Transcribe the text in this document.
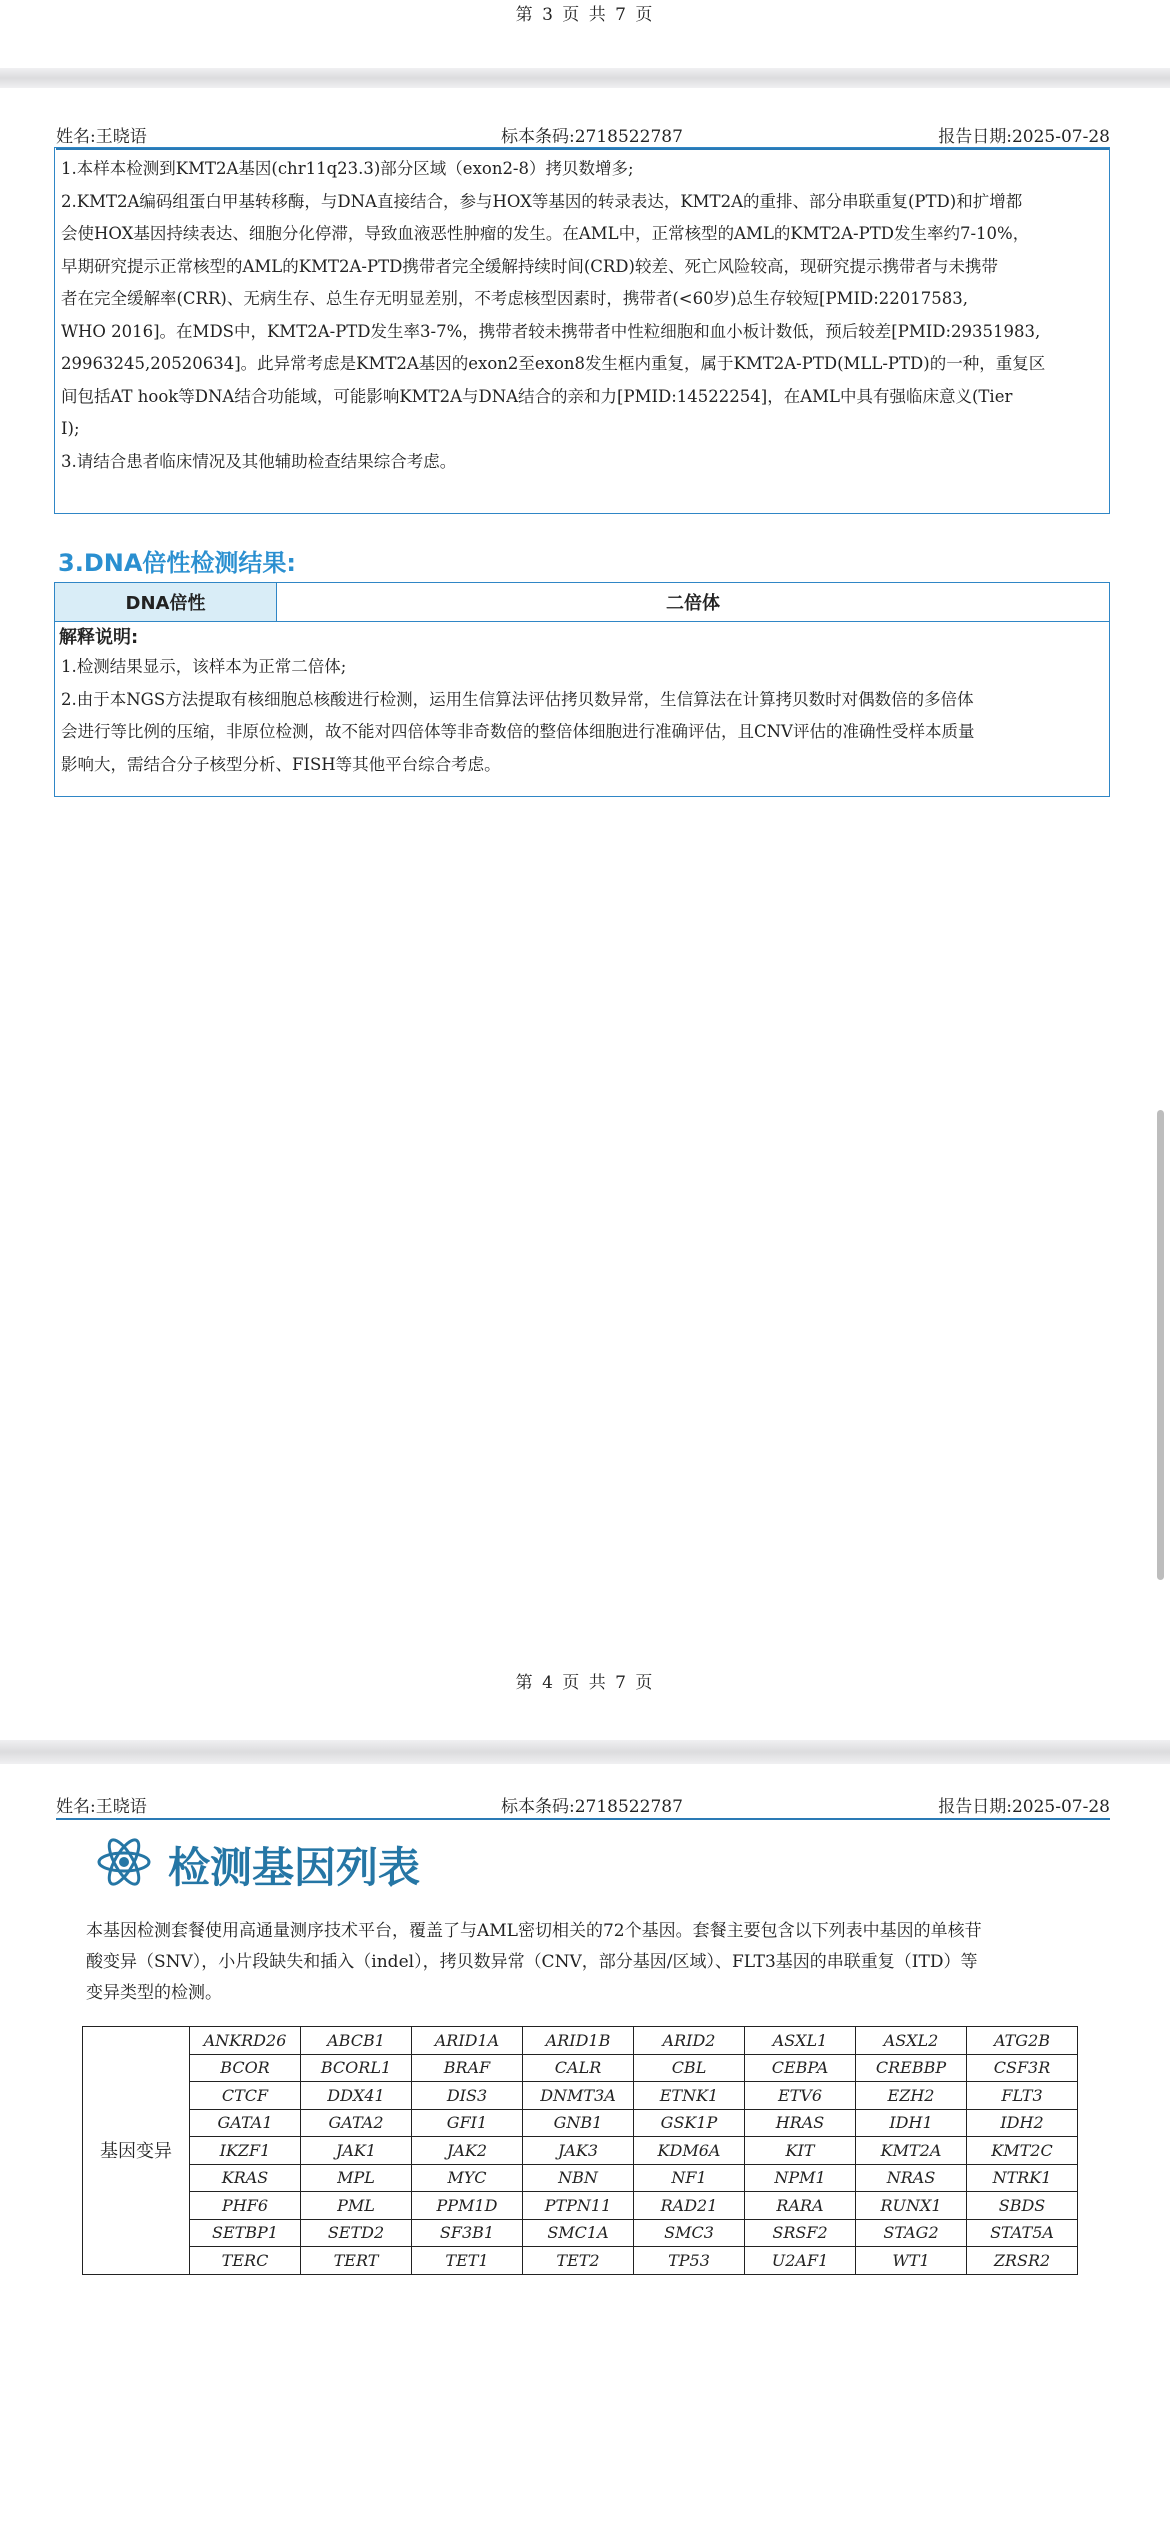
第 3 页 共 7 页
姓名:王晓语	标本条码:2718522787	报告日期:2025-07-28
1.本样本检测到KMT2A基因(chr11q23.3)部分区域（exon2-8）拷贝数增多;
2.KMT2A编码组蛋白甲基转移酶，与DNA直接结合，参与HOX等基因的转录表达，KMT2A的重排、部分串联重复(PTD)和扩增都
会使HOX基因持续表达、细胞分化停滞，导致血液恶性肿瘤的发生。在AML中，正常核型的AML的KMT2A-PTD发生率约7-10%，
早期研究提示正常核型的AML的KMT2A-PTD携带者完全缓解持续时间(CRD)较差、死亡风险较高，现研究提示携带者与未携带
者在完全缓解率(CRR)、无病生存、总生存无明显差别，不考虑核型因素时，携带者(<60岁)总生存较短[PMID:22017583,
WHO 2016]。在MDS中，KMT2A-PTD发生率3-7%，携带者较未携带者中性粒细胞和血小板计数低，预后较差[PMID:29351983,
29963245,20520634]。此异常考虑是KMT2A基因的exon2至exon8发生框内重复，属于KMT2A-PTD(MLL-PTD)的一种，重复区
间包括AT hook等DNA结合功能域，可能影响KMT2A与DNA结合的亲和力[PMID:14522254]，在AML中具有强临床意义(Tier
I);
3.请结合患者临床情况及其他辅助检查结果综合考虑。
3.DNA倍性检测结果:
DNA倍性	二倍体
解释说明:
1.检测结果显示，该样本为正常二倍体;
2.由于本NGS方法提取有核细胞总核酸进行检测，运用生信算法评估拷贝数异常，生信算法在计算拷贝数时对偶数倍的多倍体
会进行等比例的压缩，非原位检测，故不能对四倍体等非奇数倍的整倍体细胞进行准确评估，且CNV评估的准确性受样本质量
影响大，需结合分子核型分析、FISH等其他平台综合考虑。
第 4 页 共 7 页
姓名:王晓语	标本条码:2718522787	报告日期:2025-07-28
检测基因列表
本基因检测套餐使用高通量测序技术平台，覆盖了与AML密切相关的72个基因。套餐主要包含以下列表中基因的单核苷
酸变异（SNV），小片段缺失和插入（indel），拷贝数异常（CNV，部分基因/区域）、FLT3基因的串联重复（ITD）等
变异类型的检测。
基因变异	ANKRD26	ABCB1	ARID1A	ARID1B	ARID2	ASXL1	ASXL2	ATG2B
	BCOR	BCORL1	BRAF	CALR	CBL	CEBPA	CREBBP	CSF3R
	CTCF	DDX41	DIS3	DNMT3A	ETNK1	ETV6	EZH2	FLT3
	GATA1	GATA2	GFI1	GNB1	GSK1P	HRAS	IDH1	IDH2
	IKZF1	JAK1	JAK2	JAK3	KDM6A	KIT	KMT2A	KMT2C
	KRAS	MPL	MYC	NBN	NF1	NPM1	NRAS	NTRK1
	PHF6	PML	PPM1D	PTPN11	RAD21	RARA	RUNX1	SBDS
	SETBP1	SETD2	SF3B1	SMC1A	SMC3	SRSF2	STAG2	STAT5A
	TERC	TERT	TET1	TET2	TP53	U2AF1	WT1	ZRSR2
